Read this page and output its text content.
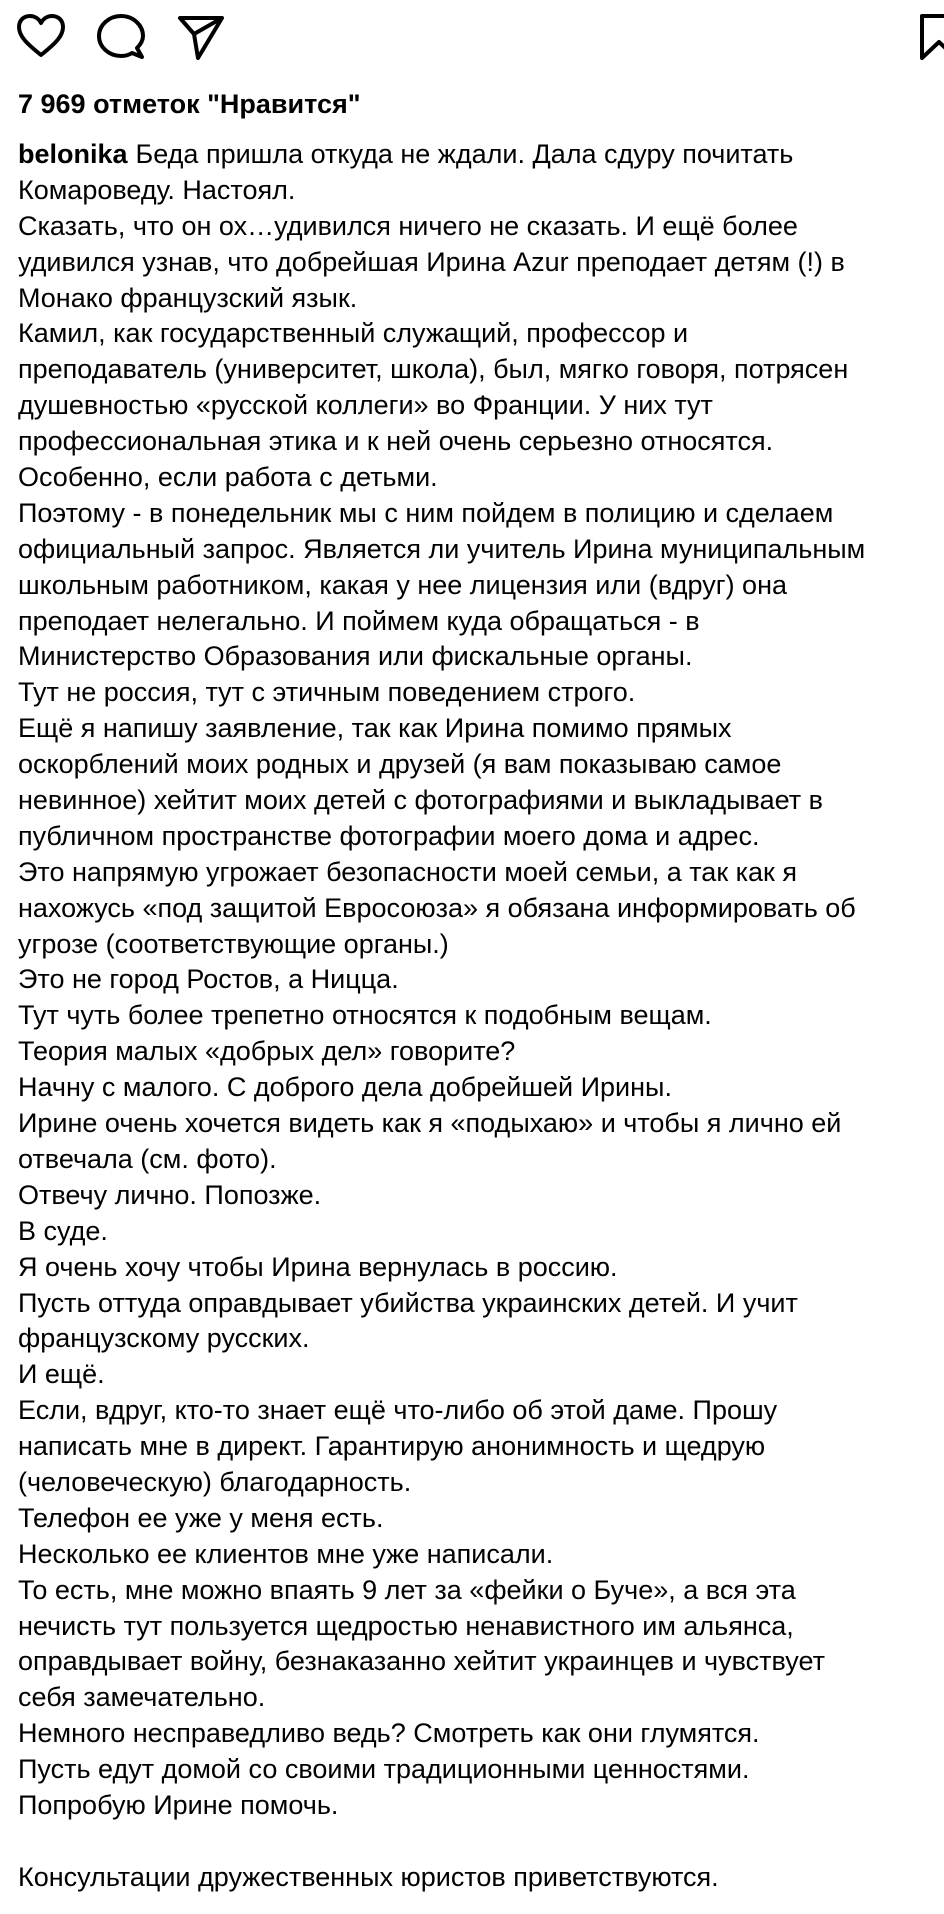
7 969 отметок "Нравится"
belonika Беда пришла откуда не ждали. Дала сдуру почитать
Комароведу. Настоял.
Сказать, что он ох…удивился ничего не сказать. И ещё более
удивился узнав, что добрейшая Ирина Azur преподает детям (!) в
Монако французский язык.
Камил, как государственный служащий, профессор и
преподаватель (университет, школа), был, мягко говоря, потрясен
душевностью «русской коллеги» во Франции. У них тут
профессиональная этика и к ней очень серьезно относятся.
Особенно, если работа с детьми.
Поэтому - в понедельник мы с ним пойдем в полицию и сделаем
официальный запрос. Является ли учитель Ирина муниципальным
школьным работником, какая у нее лицензия или (вдруг) она
преподает нелегально. И поймем куда обращаться - в
Министерство Образования или фискальные органы.
Тут не россия, тут с этичным поведением строго.
Ещё я напишу заявление, так как Ирина помимо прямых
оскорблений моих родных и друзей (я вам показываю самое
невинное) хейтит моих детей с фотографиями и выкладывает в
публичном пространстве фотографии моего дома и адрес.
Это напрямую угрожает безопасности моей семьи, а так как я
нахожусь «под защитой Евросоюза» я обязана информировать об
угрозе (соответствующие органы.)
Это не город Ростов, а Ницца.
Тут чуть более трепетно относятся к подобным вещам.
Теория малых «добрых дел» говорите?
Начну с малого. С доброго дела добрейшей Ирины.
Ирине очень хочется видеть как я «подыхаю» и чтобы я лично ей
отвечала (см. фото).
Отвечу лично. Попозже.
В суде.
Я очень хочу чтобы Ирина вернулась в россию.
Пусть оттуда оправдывает убийства украинских детей. И учит
французскому русских.
И ещё.
Если, вдруг, кто-то знает ещё что-либо об этой даме. Прошу
написать мне в директ. Гарантирую анонимность и щедрую
(человеческую) благодарность.
Телефон ее уже у меня есть.
Несколько ее клиентов мне уже написали.
То есть, мне можно впаять 9 лет за «фейки о Буче», а вся эта
нечисть тут пользуется щедростью ненавистного им альянса,
оправдывает войну, безнаказанно хейтит украинцев и чувствует
себя замечательно.
Немного несправедливо ведь? Смотреть как они глумятся.
Пусть едут домой со своими традиционными ценностями.
Попробую Ирине помочь.
Консультации дружественных юристов приветствуются.
